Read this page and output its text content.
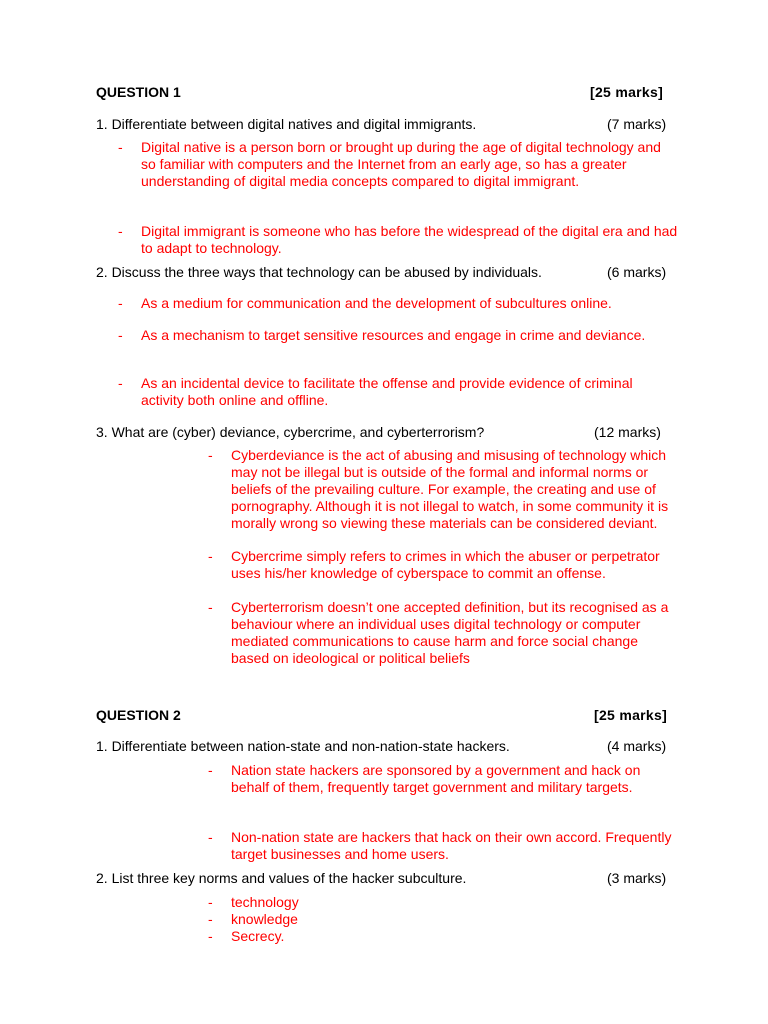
QUESTION 1	[25 marks]
1. Differentiate between digital natives and digital immigrants.	(7 marks)
- Digital native is a person born or brought up during the age of digital technology and so familiar with computers and the Internet from an early age, so has a greater understanding of digital media concepts compared to digital immigrant.
- Digital immigrant is someone who has before the widespread of the digital era and had to adapt to technology.
2. Discuss the three ways that technology can be abused by individuals.	(6 marks)
- As a medium for communication and the development of subcultures online.
- As a mechanism to target sensitive resources and engage in crime and deviance.
- As an incidental device to facilitate the offense and provide evidence of criminal activity both online and offline.
3. What are (cyber) deviance, cybercrime, and cyberterrorism?	(12 marks)
- Cyberdeviance is the act of abusing and misusing of technology which may not be illegal but is outside of the formal and informal norms or beliefs of the prevailing culture. For example, the creating and use of pornography. Although it is not illegal to watch, in some community it is morally wrong so viewing these materials can be considered deviant.
- Cybercrime simply refers to crimes in which the abuser or perpetrator uses his/her knowledge of cyberspace to commit an offense.
- Cyberterrorism doesn’t one accepted definition, but its recognised as a behaviour where an individual uses digital technology or computer mediated communications to cause harm and force social change based on ideological or political beliefs
QUESTION 2	[25 marks]
1. Differentiate between nation-state and non-nation-state hackers.	(4 marks)
- Nation state hackers are sponsored by a government and hack on behalf of them, frequently target government and military targets.
- Non-nation state are hackers that hack on their own accord. Frequently target businesses and home users.
2. List three key norms and values of the hacker subculture.	(3 marks)
- technology
- knowledge
- Secrecy.
